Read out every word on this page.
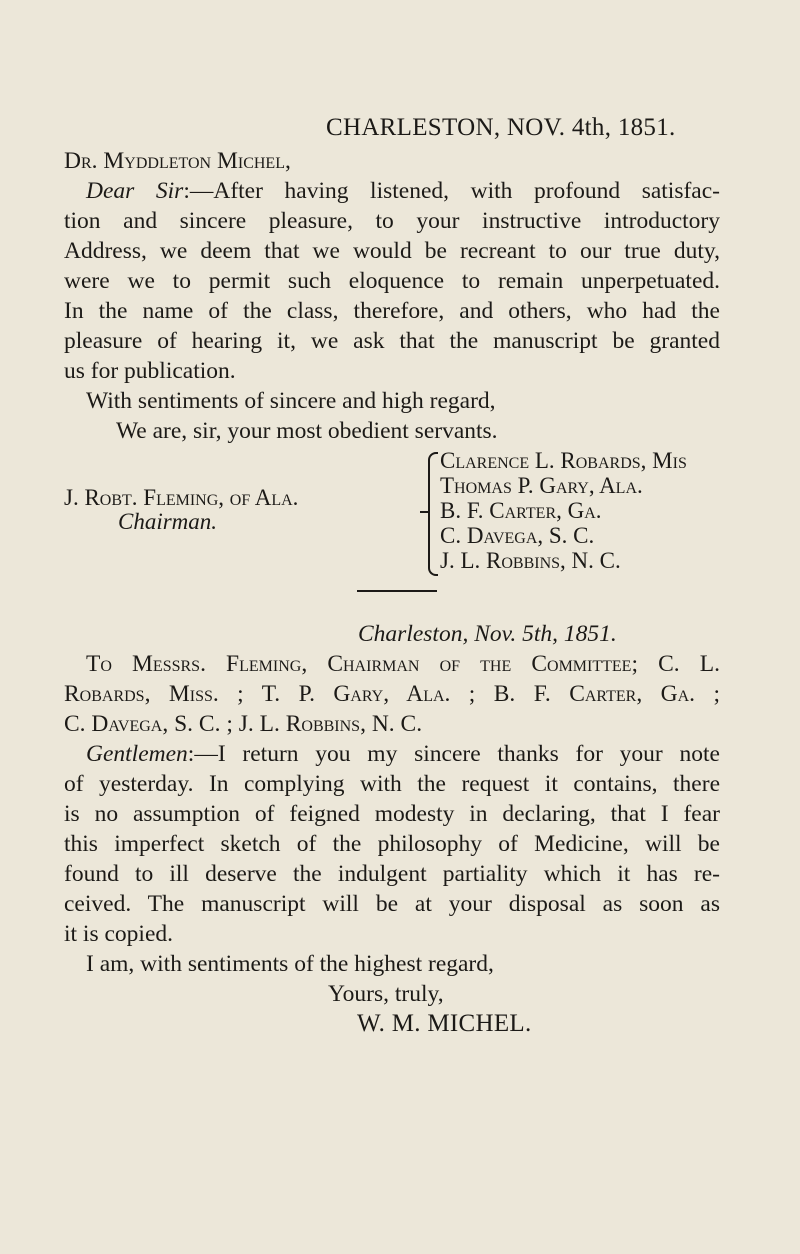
CHARLESTON, NOV. 4th, 1851.
Dr. Myddleton Michel,
Dear Sir:—After having listened, with profound satisfac-
tion and sincere pleasure, to your instructive introductory
Address, we deem that we would be recreant to our true duty,
were we to permit such eloquence to remain unperpetuated.
In the name of the class, therefore, and others, who had the
pleasure of hearing it, we ask that the manuscript be granted
us for publication.
With sentiments of sincere and high regard,
We are, sir, your most obedient servants.
J. Robt. Fleming, of Ala.
Chairman.
Clarence L. Robards, Mis
Thomas P. Gary, Ala.
B. F. Carter, Ga.
C. Davega, S. C.
J. L. Robbins, N. C.
Charleston, Nov. 5th, 1851.
To Messrs. Fleming, Chairman of the Committee; C. L.
Robards, Miss. ; T. P. Gary, Ala. ; B. F. Carter, Ga. ;
C. Davega, S. C. ; J. L. Robbins, N. C.
Gentlemen:—I return you my sincere thanks for your note
of yesterday. In complying with the request it contains, there
is no assumption of feigned modesty in declaring, that I fear
this imperfect sketch of the philosophy of Medicine, will be
found to ill deserve the indulgent partiality which it has re-
ceived. The manuscript will be at your disposal as soon as
it is copied.
I am, with sentiments of the highest regard,
Yours, truly,
W. M. MICHEL.
